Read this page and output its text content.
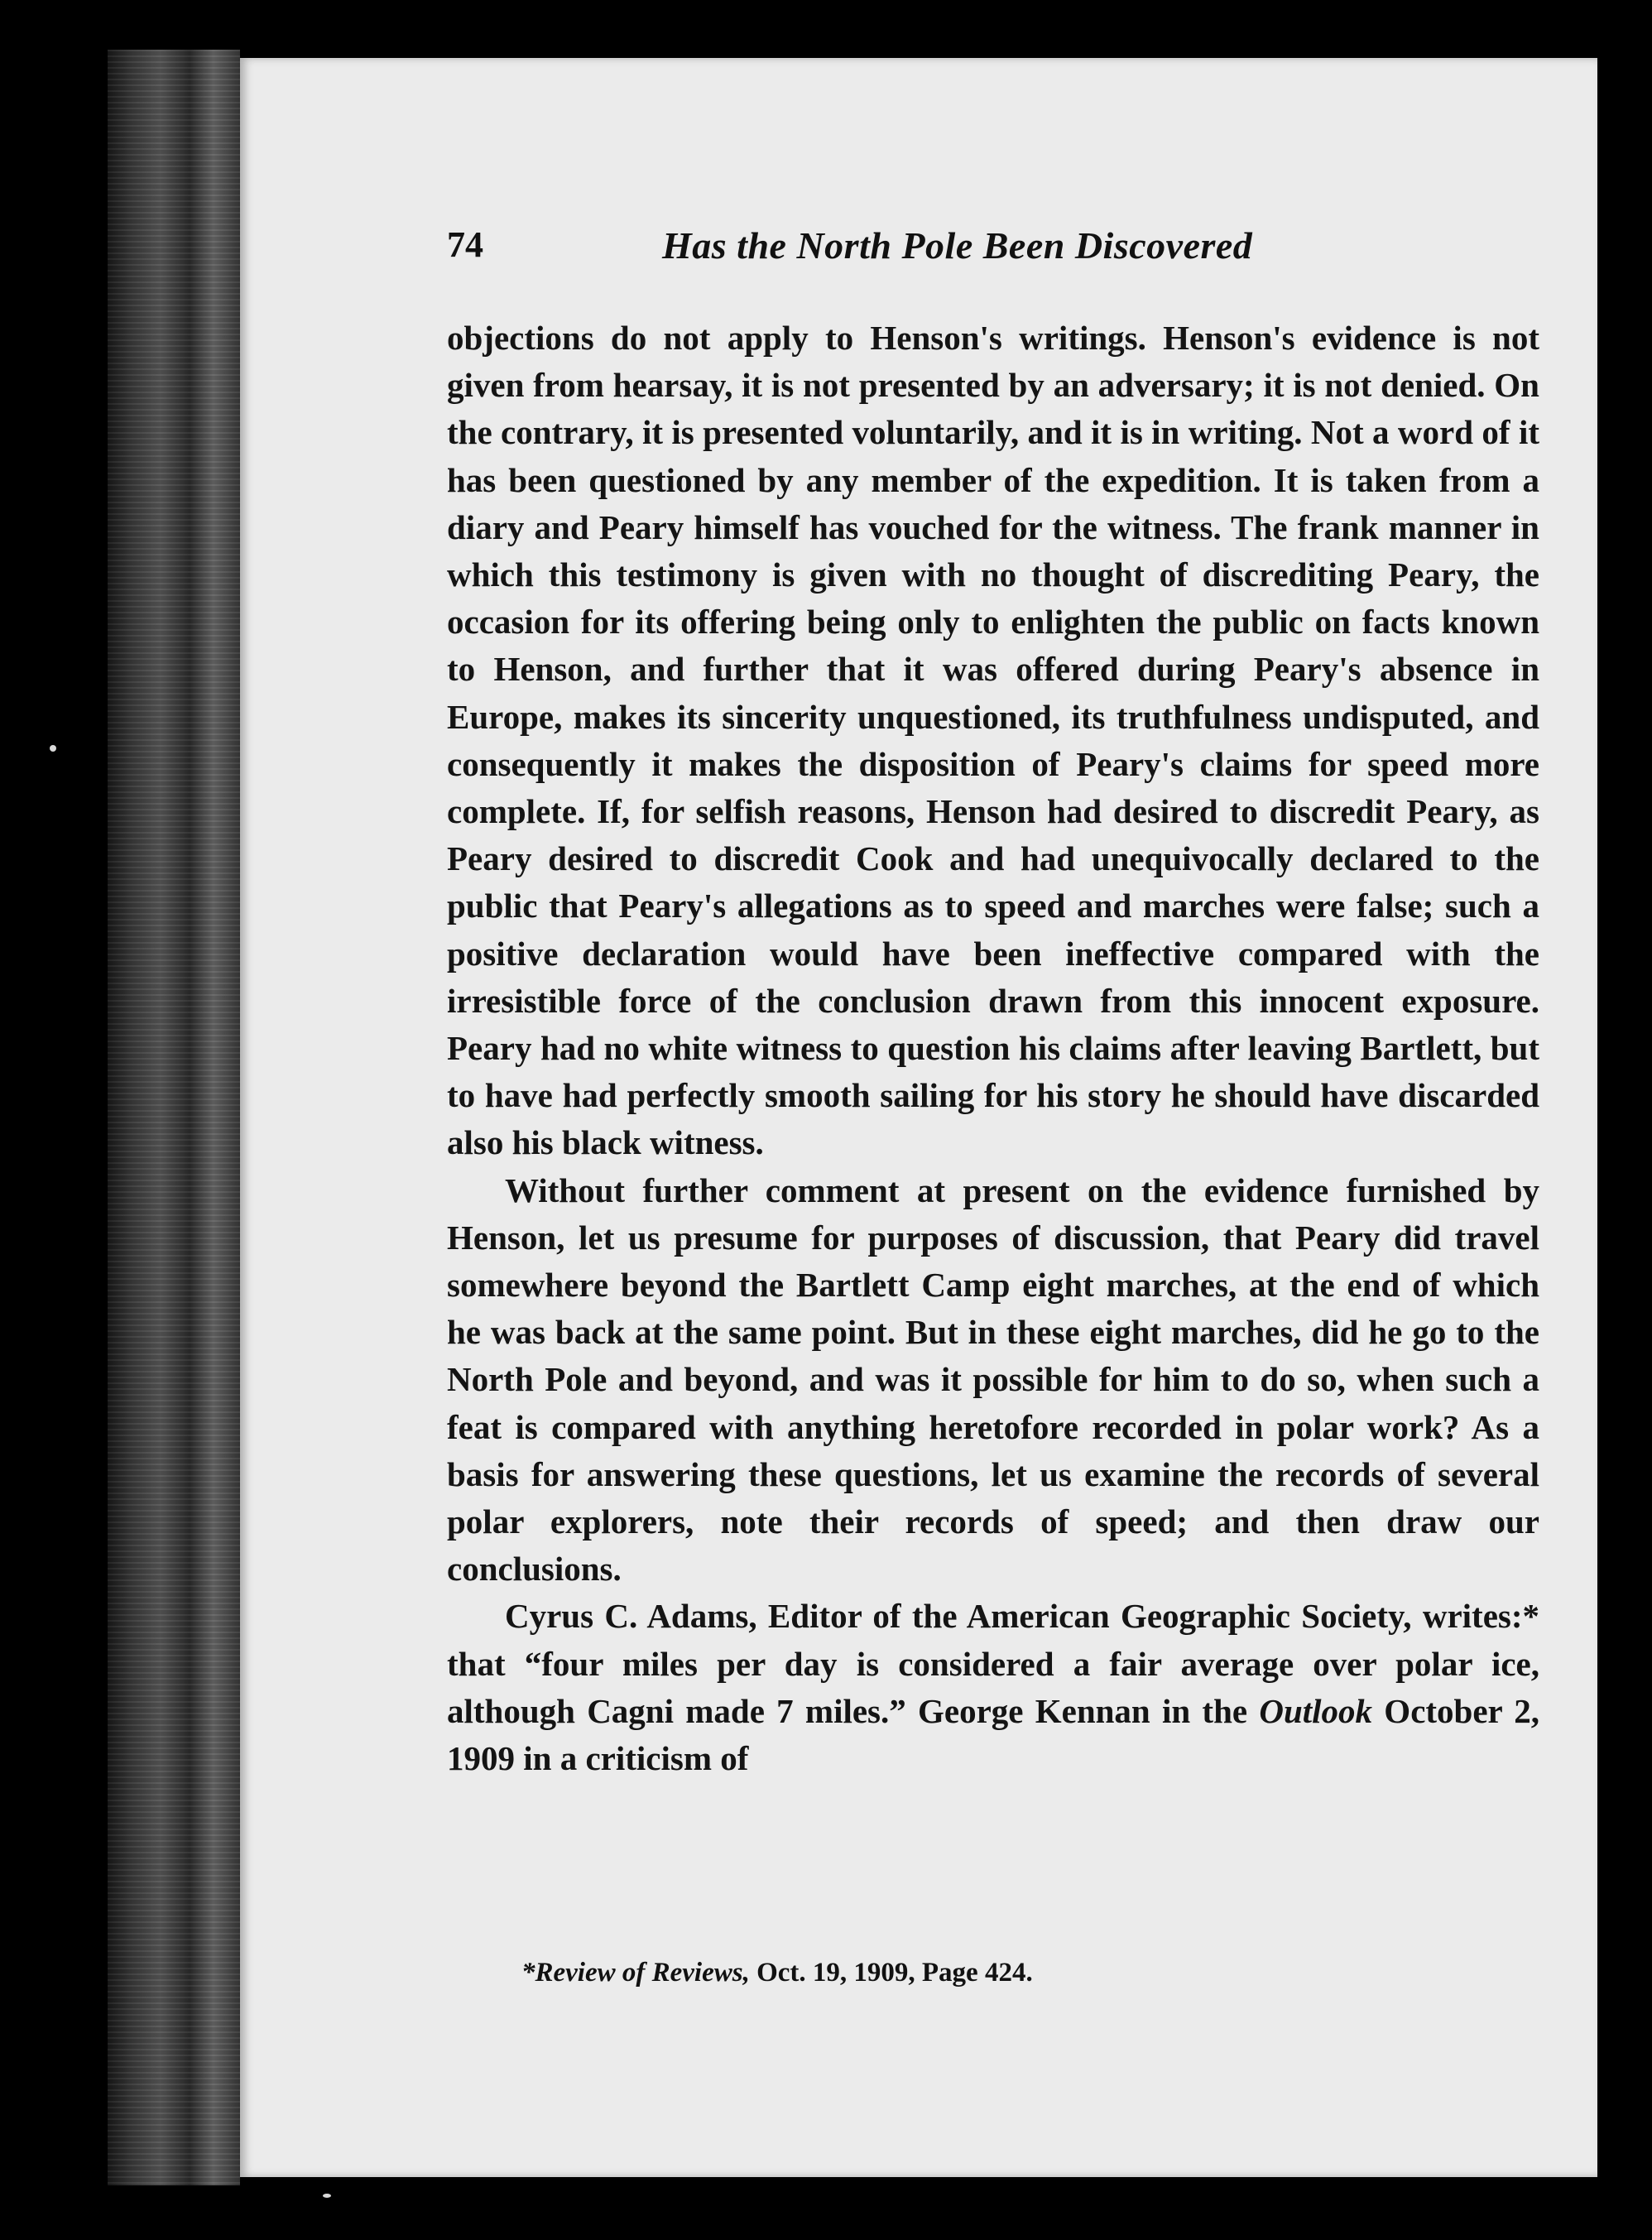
74	Has the North Pole Been Discovered

objections do not apply to Henson's writings. Henson's evidence is not given from hearsay, it is not presented by an adversary; it is not denied. On the contrary, it is presented voluntarily, and it is in writing. Not a word of it has been questioned by any member of the expedition. It is taken from a diary and Peary himself has vouched for the witness. The frank manner in which this testimony is given with no thought of discrediting Peary, the occasion for its offering being only to enlighten the public on facts known to Henson, and further that it was offered during Peary's absence in Europe, makes its sincerity unquestioned, its truthfulness undisputed, and consequently it makes the disposition of Peary's claims for speed more complete. If, for selfish reasons, Henson had desired to discredit Peary, as Peary desired to discredit Cook and had unequivocally declared to the public that Peary's allegations as to speed and marches were false; such a positive declaration would have been ineffective compared with the irresistible force of the conclusion drawn from this innocent exposure. Peary had no white witness to question his claims after leaving Bartlett, but to have had perfectly smooth sailing for his story he should have discarded also his black witness.

Without further comment at present on the evidence furnished by Henson, let us presume for purposes of discussion, that Peary did travel somewhere beyond the Bartlett Camp eight marches, at the end of which he was back at the same point. But in these eight marches, did he go to the North Pole and beyond, and was it possible for him to do so, when such a feat is compared with anything heretofore recorded in polar work? As a basis for answering these questions, let us examine the records of several polar explorers, note their records of speed; and then draw our conclusions.

Cyrus C. Adams, Editor of the American Geographic Society, writes:* that “four miles per day is considered a fair average over polar ice, although Cagni made 7 miles.” George Kennan in the Outlook October 2, 1909 in a criticism of

*Review of Reviews, Oct. 19, 1909, Page 424.
